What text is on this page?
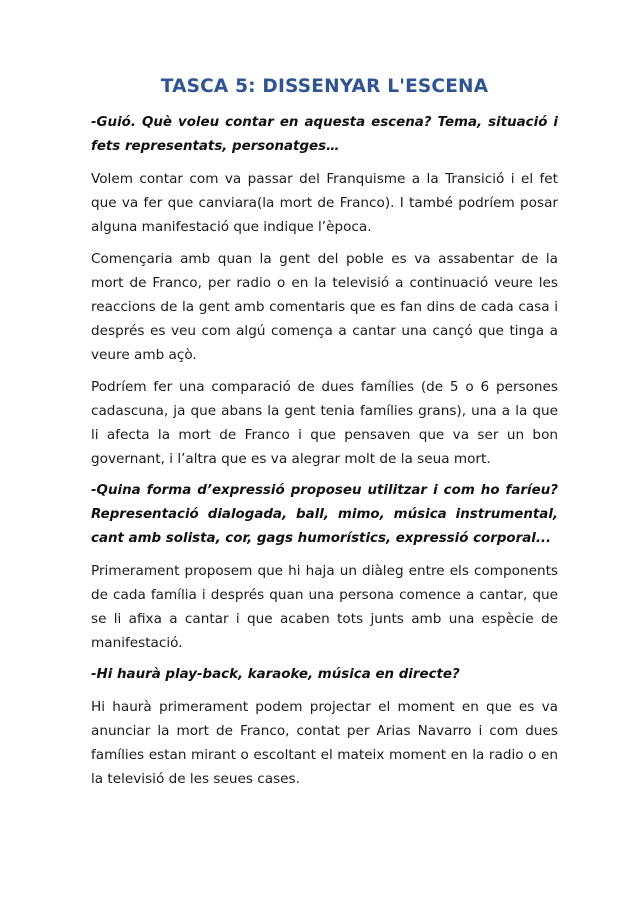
TASCA 5: DISSENYAR L'ESCENA

-Guió. Què voleu contar en aquesta escena? Tema, situació i fets representats, personatges…

Volem contar com va passar del Franquisme a la Transició i el fet que va fer que canviara(la mort de Franco). I també podríem posar alguna manifestació que indique l’època.

Començaria amb quan la gent del poble es va assabentar de la mort de Franco, per radio o en la televisió a continuació veure les reaccions de la gent amb comentaris que es fan dins de cada casa i després es veu com algú comença a cantar una cançó que tinga a veure amb açò.

Podríem fer una comparació de dues famílies (de 5 o 6 persones cadascuna, ja que abans la gent tenia famílies grans), una a la que li afecta la mort de Franco i que pensaven que va ser un bon governant, i l’altra que es va alegrar molt de la seua mort.

-Quina forma d’expressió proposeu utilitzar i com ho faríeu? Representació dialogada, ball, mimo, música instrumental, cant amb solista, cor, gags humorístics, expressió corporal...

Primerament proposem que hi haja un diàleg entre els components de cada família i després quan una persona comence a cantar, que se li afixa a cantar i que acaben tots junts amb una espècie de manifestació.

-Hi haurà play-back, karaoke, música en directe?

Hi haurà primerament podem projectar el moment en que es va anunciar la mort de Franco, contat per Arias Navarro i com dues famílies estan mirant o escoltant el mateix moment en la radio o en la televisió de les seues cases.
